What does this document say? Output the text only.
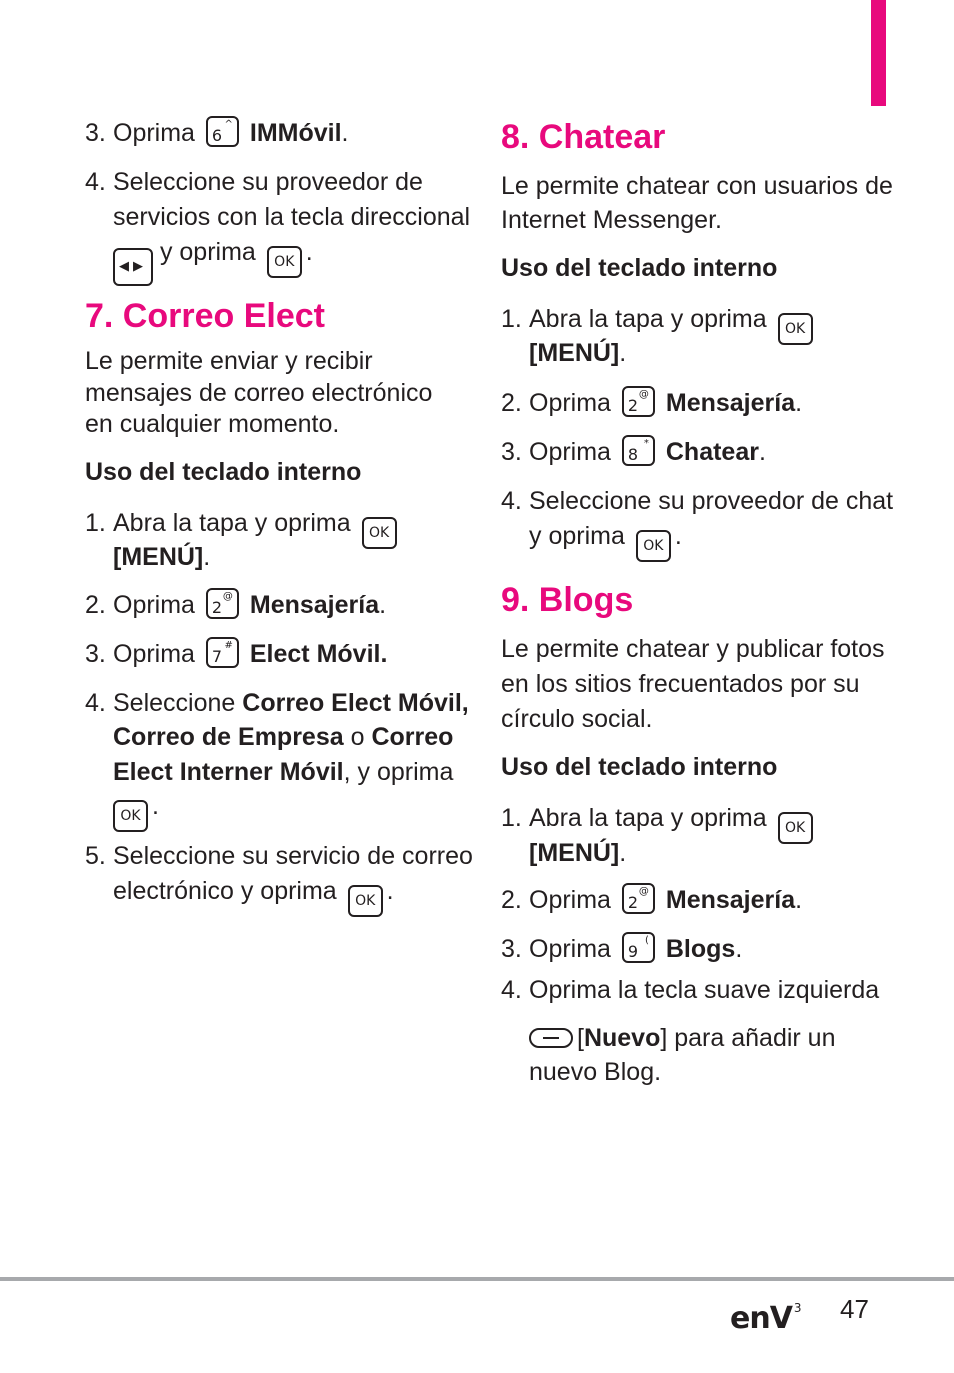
3. Oprima 6
^ IMMóvil.

4. Seleccione su proveedor de

servicios con la tecla direccional

◀▶ y oprima OK .

7. Correo Elect

Le permite enviar y recibir

mensajes de correo electrónico

en cualquier momento.

Uso del teclado interno

1. Abra la tapa y oprima OK

[MENÚ].

2. Oprima 2
@ Mensajería.

3. Oprima 7
# Elect Móvil.

4. Seleccione Correo Elect Móvil,

Correo de Empresa o Correo

Elect Interner Móvil, y oprima

OK .

5. Seleccione su servicio de correo

electrónico y oprima OK .

8. Chatear

Le permite chatear con usuarios de

Internet Messenger.

Uso del teclado interno

1. Abra la tapa y oprima OK

[MENÚ].

2. Oprima 2
@ Mensajería.

3. Oprima 8
* Chatear.

4. Seleccione su proveedor de chat

y oprima OK .

9. Blogs

Le permite chatear y publicar fotos

en los sitios frecuentados por su

círculo social.

Uso del teclado interno

1. Abra la tapa y oprima OK

[MENÚ].

2. Oprima 2
@ Mensajería.

3. Oprima 9
( Blogs.

4. Oprima la tecla suave izquierda

[Nuevo] para añadir un

nuevo Blog.

enV $^3$ 47
